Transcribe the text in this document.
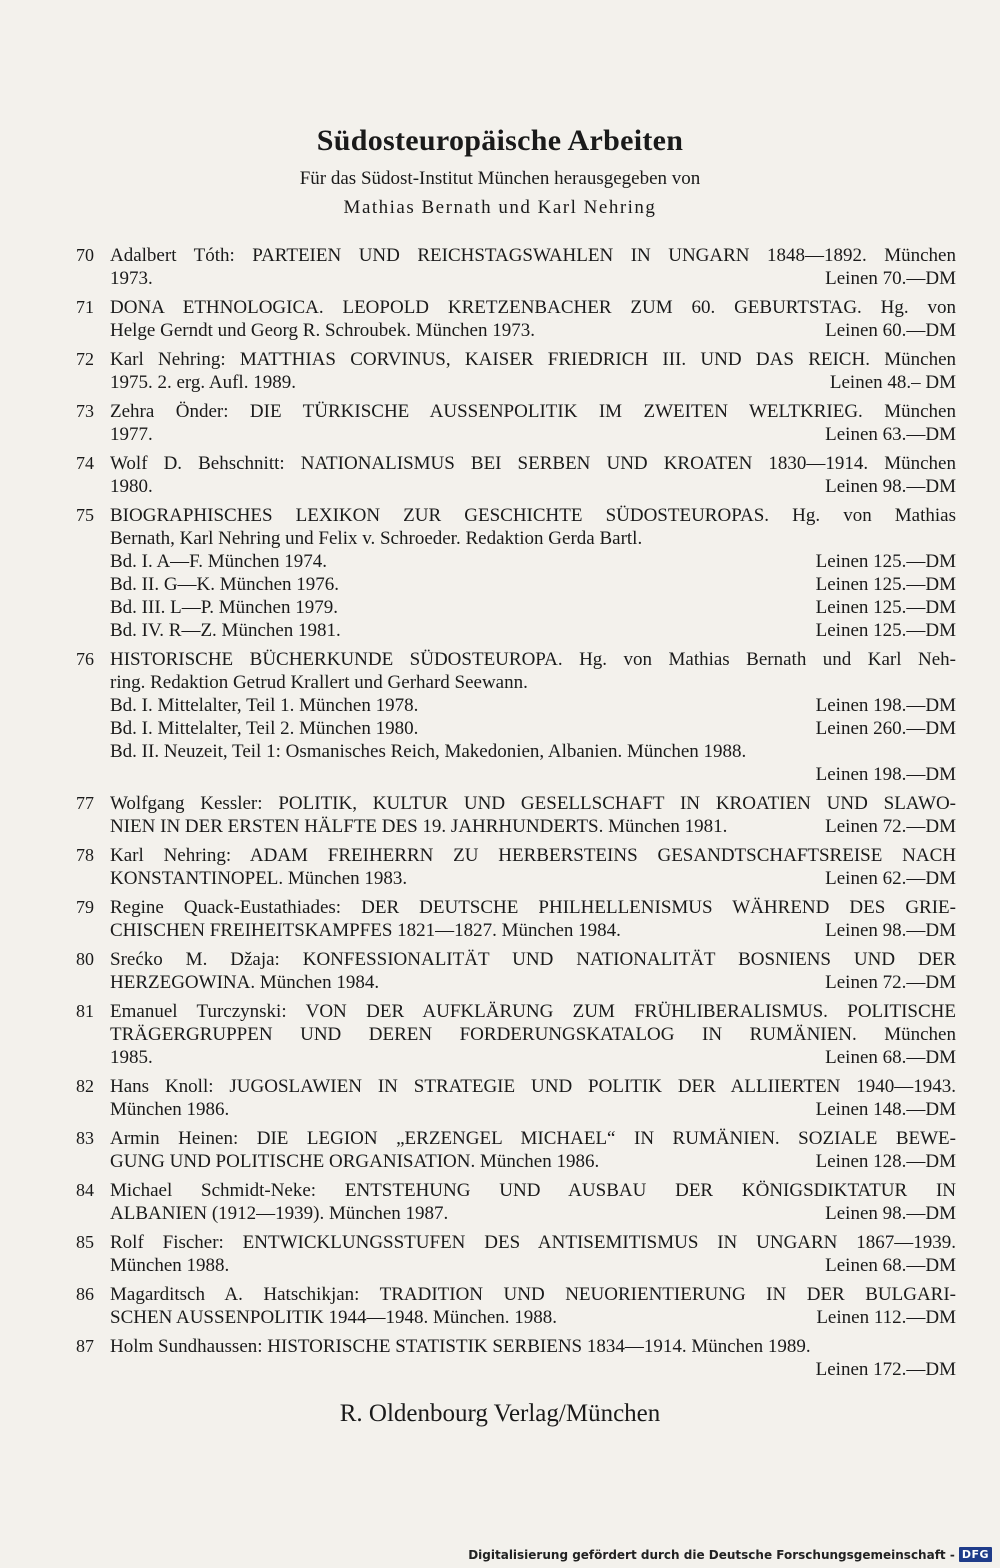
Südosteuropäische Arbeiten
Für das Südost-Institut München herausgegeben von
Mathias Bernath und Karl Nehring
70 Adalbert Tóth: PARTEIEN UND REICHSTAGSWAHLEN IN UNGARN 1848—1892. München
1973.	Leinen 70.—DM
71 DONA ETHNOLOGICA. LEOPOLD KRETZENBACHER ZUM 60. GEBURTSTAG. Hg. von
Helge Gerndt und Georg R. Schroubek. München 1973.	Leinen 60.—DM
72 Karl Nehring: MATTHIAS CORVINUS, KAISER FRIEDRICH III. UND DAS REICH. München
1975. 2. erg. Aufl. 1989.	Leinen 48.– DM
73 Zehra Önder: DIE TÜRKISCHE AUSSENPOLITIK IM ZWEITEN WELTKRIEG. München
1977.	Leinen 63.—DM
74 Wolf D. Behschnitt: NATIONALISMUS BEI SERBEN UND KROATEN 1830—1914. München
1980.	Leinen 98.—DM
75 BIOGRAPHISCHES LEXIKON ZUR GESCHICHTE SÜDOSTEUROPAS. Hg. von Mathias
Bernath, Karl Nehring und Felix v. Schroeder. Redaktion Gerda Bartl.
Bd. I. A—F. München 1974.	Leinen 125.—DM
Bd. II. G—K. München 1976.	Leinen 125.—DM
Bd. III. L—P. München 1979.	Leinen 125.—DM
Bd. IV. R—Z. München 1981.	Leinen 125.—DM
76 HISTORISCHE BÜCHERKUNDE SÜDOSTEUROPA. Hg. von Mathias Bernath und Karl Neh-
ring. Redaktion Getrud Krallert und Gerhard Seewann.
Bd. I. Mittelalter, Teil 1. München 1978.	Leinen 198.—DM
Bd. I. Mittelalter, Teil 2. München 1980.	Leinen 260.—DM
Bd. II. Neuzeit, Teil 1: Osmanisches Reich, Makedonien, Albanien. München 1988.
Leinen 198.—DM
77 Wolfgang Kessler: POLITIK, KULTUR UND GESELLSCHAFT IN KROATIEN UND SLAWO-
NIEN IN DER ERSTEN HÄLFTE DES 19. JAHRHUNDERTS. München 1981.	Leinen 72.—DM
78 Karl Nehring: ADAM FREIHERRN ZU HERBERSTEINS GESANDTSCHAFTSREISE NACH
KONSTANTINOPEL. München 1983.	Leinen 62.—DM
79 Regine Quack-Eustathiades: DER DEUTSCHE PHILHELLENISMUS WÄHREND DES GRIE-
CHISCHEN FREIHEITSKAMPFES 1821—1827. München 1984.	Leinen 98.—DM
80 Srećko M. Džaja: KONFESSIONALITÄT UND NATIONALITÄT BOSNIENS UND DER
HERZEGOWINA. München 1984.	Leinen 72.—DM
81 Emanuel Turczynski: VON DER AUFKLÄRUNG ZUM FRÜHLIBERALISMUS. POLITISCHE
TRÄGERGRUPPEN UND DEREN FORDERUNGSKATALOG IN RUMÄNIEN. München
1985.	Leinen 68.—DM
82 Hans Knoll: JUGOSLAWIEN IN STRATEGIE UND POLITIK DER ALLIIERTEN 1940—1943.
München 1986.	Leinen 148.—DM
83 Armin Heinen: DIE LEGION „ERZENGEL MICHAEL“ IN RUMÄNIEN. SOZIALE BEWE-
GUNG UND POLITISCHE ORGANISATION. München 1986.	Leinen 128.—DM
84 Michael Schmidt-Neke: ENTSTEHUNG UND AUSBAU DER KÖNIGSDIKTATUR IN
ALBANIEN (1912—1939). München 1987.	Leinen 98.—DM
85 Rolf Fischer: ENTWICKLUNGSSTUFEN DES ANTISEMITISMUS IN UNGARN 1867—1939.
München 1988.	Leinen 68.—DM
86 Magarditsch A. Hatschikjan: TRADITION UND NEUORIENTIERUNG IN DER BULGARI-
SCHEN AUSSENPOLITIK 1944—1948. München. 1988.	Leinen 112.—DM
87 Holm Sundhaussen: HISTORISCHE STATISTIK SERBIENS 1834—1914. München 1989.
Leinen 172.—DM
R. Oldenbourg Verlag/München
Digitalisierung gefördert durch die Deutsche Forschungsgemeinschaft - DFG
